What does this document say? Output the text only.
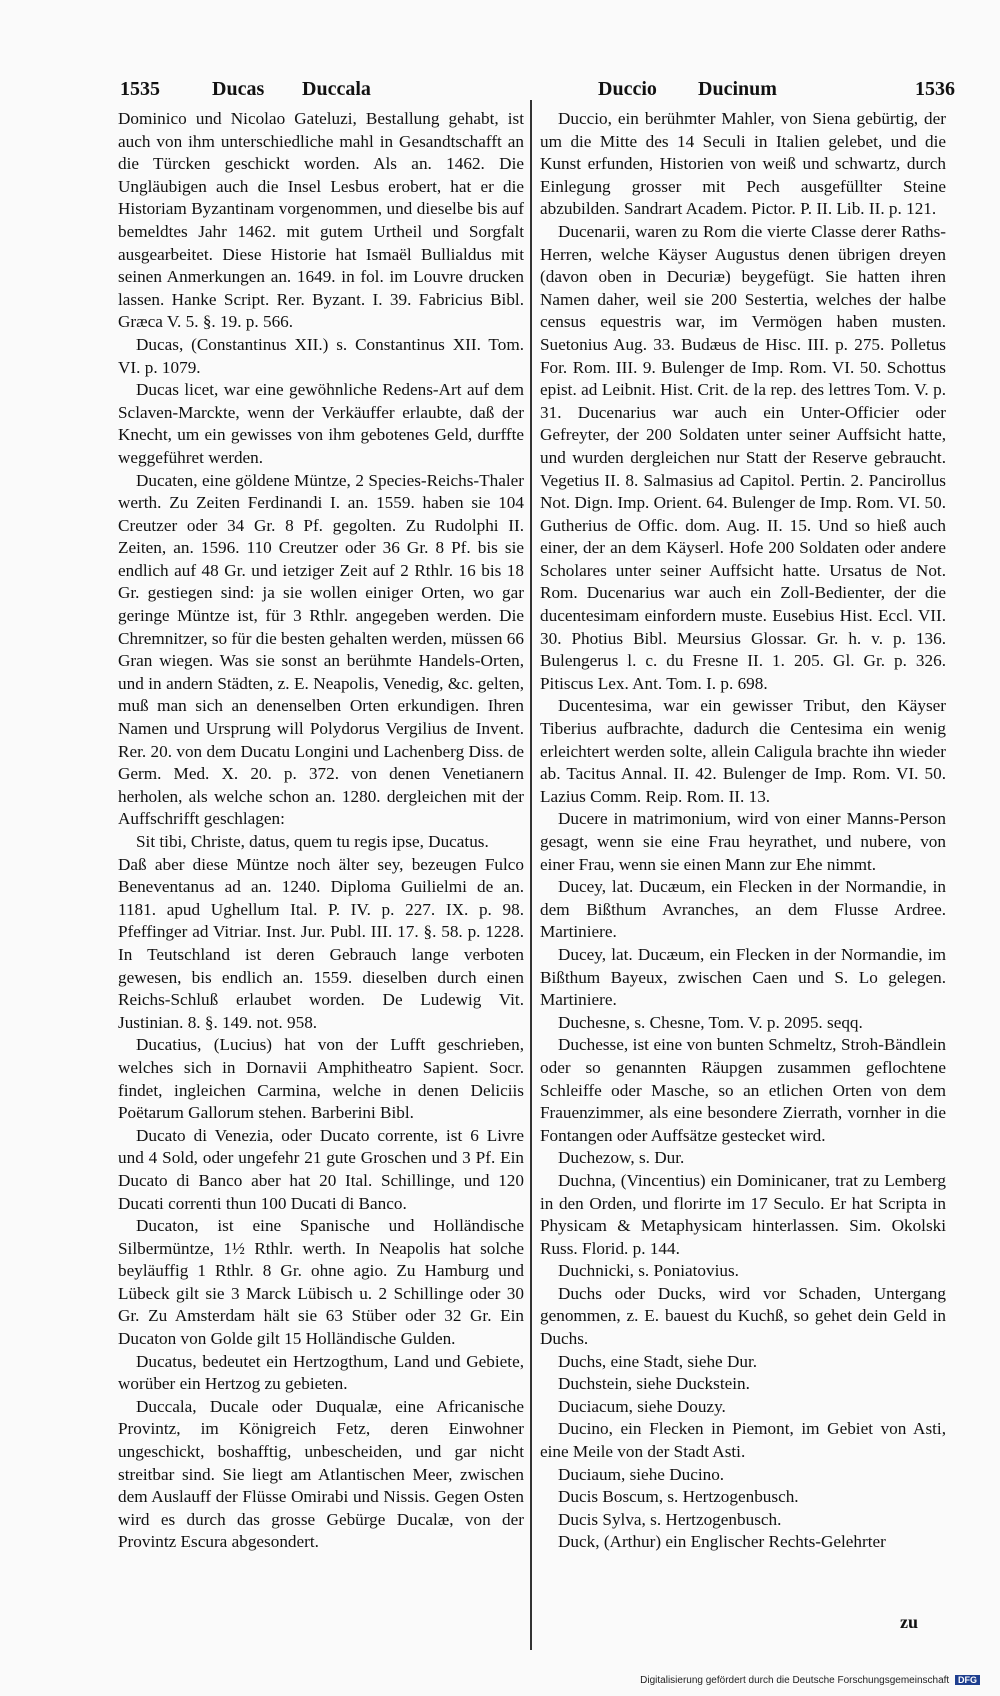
1535	Ducas Duccala	Duccio Ducinum	1536

Dominico und Nicolao Gateluzi, Bestallung gehabt, ist auch von ihm unterschiedliche mahl in Gesandtschafft an die Türcken geschickt worden. Als an. 1462. Die Ungläubigen auch die Insel Lesbus erobert, hat er die Historiam Byzantinam vorgenommen, und dieselbe bis auf bemeldtes Jahr 1462. mit gutem Urtheil und Sorgfalt ausgearbeitet. Diese Historie hat Ismaël Bullialdus mit seinen Anmerkungen an. 1649. in fol. im Louvre drucken lassen. Hanke Script. Rer. Byzant. I. 39. Fabricius Bibl. Græca V. 5. §. 19. p. 566.

Ducas, (Constantinus XII.) s. Constantinus XII. Tom. VI. p. 1079.

Ducas licet, war eine gewöhnliche Redens-Art auf dem Sclaven-Marckte, wenn der Verkäuffer erlaubte, daß der Knecht, um ein gewisses von ihm gebotenes Geld, durffte weggeführet werden.

Ducaten, eine göldene Müntze, 2 Species-Reichs-Thaler werth. Zu Zeiten Ferdinandi I. an. 1559. haben sie 104 Creutzer oder 34 Gr. 8 Pf. gegolten. Zu Rudolphi II. Zeiten, an. 1596. 110 Creutzer oder 36 Gr. 8 Pf. bis sie endlich auf 48 Gr. und ietziger Zeit auf 2 Rthlr. 16 bis 18 Gr. gestiegen sind: ja sie wollen einiger Orten, wo gar geringe Müntze ist, für 3 Rthlr. angegeben werden. Die Chremnitzer, so für die besten gehalten werden, müssen 66 Gran wiegen. Was sie sonst an berühmte Handels-Orten, und in andern Städten, z. E. Neapolis, Venedig, &c. gelten, muß man sich an denenselben Orten erkundigen. Ihren Namen und Ursprung will Polydorus Vergilius de Invent. Rer. 20. von dem Ducatu Longini und Lachenberg Diss. de Germ. Med. X. 20. p. 372. von denen Venetianern herholen, als welche schon an. 1280. dergleichen mit der Auffschrifft geschlagen:

Sit tibi, Christe, datus, quem tu regis ipse, Ducatus.

Daß aber diese Müntze noch älter sey, bezeugen Fulco Beneventanus ad an. 1240. Diploma Guilielmi de an. 1181. apud Ughellum Ital. P. IV. p. 227. IX. p. 98. Pfeffinger ad Vitriar. Inst. Jur. Publ. III. 17. §. 58. p. 1228. In Teutschland ist deren Gebrauch lange verboten gewesen, bis endlich an. 1559. dieselben durch einen Reichs-Schluß erlaubet worden. De Ludewig Vit. Justinian. 8. §. 149. not. 958.

Ducatius, (Lucius) hat von der Lufft geschrieben, welches sich in Dornavii Amphitheatro Sapient. Socr. findet, ingleichen Carmina, welche in denen Deliciis Poëtarum Gallorum stehen. Barberini Bibl.

Ducato di Venezia, oder Ducato corrente, ist 6 Livre und 4 Sold, oder ungefehr 21 gute Groschen und 3 Pf. Ein Ducato di Banco aber hat 20 Ital. Schillinge, und 120 Ducati correnti thun 100 Ducati di Banco.

Ducaton, ist eine Spanische und Holländische Silbermüntze, 1½ Rthlr. werth. In Neapolis hat solche beyläuffig 1 Rthlr. 8 Gr. ohne agio. Zu Hamburg und Lübeck gilt sie 3 Marck Lübisch u. 2 Schillinge oder 30 Gr. Zu Amsterdam hält sie 63 Stüber oder 32 Gr. Ein Ducaton von Golde gilt 15 Holländische Gulden.

Ducatus, bedeutet ein Hertzogthum, Land und Gebiete, worüber ein Hertzog zu gebieten.

Duccala, Ducale oder Duqualæ, eine Africanische Provintz, im Königreich Fetz, deren Einwohner ungeschickt, boshafftig, unbescheiden, und gar nicht streitbar sind. Sie liegt am Atlantischen Meer, zwischen dem Auslauff der Flüsse Omirabi und Nissis. Gegen Osten wird es durch das grosse Gebürge Ducalæ, von der Provintz Escura abgesondert.

Duccio, ein berühmter Mahler, von Siena gebürtig, der um die Mitte des 14 Seculi in Italien gelebet, und die Kunst erfunden, Historien von weiß und schwartz, durch Einlegung grosser mit Pech ausgefüllter Steine abzubilden. Sandrart Academ. Pictor. P. II. Lib. II. p. 121.

Ducenarii, waren zu Rom die vierte Classe derer Raths-Herren, welche Käyser Augustus denen übrigen dreyen (davon oben in Decuriæ) beygefügt. Sie hatten ihren Namen daher, weil sie 200 Sestertia, welches der halbe census equestris war, im Vermögen haben musten. Suetonius Aug. 33. Budæus de Hisc. III. p. 275. Polletus For. Rom. III. 9. Bulenger de Imp. Rom. VI. 50. Schottus epist. ad Leibnit. Hist. Crit. de la rep. des lettres Tom. V. p. 31. Ducenarius war auch ein Unter-Officier oder Gefreyter, der 200 Soldaten unter seiner Auffsicht hatte, und wurden dergleichen nur Statt der Reserve gebraucht. Vegetius II. 8. Salmasius ad Capitol. Pertin. 2. Pancirollus Not. Dign. Imp. Orient. 64. Bulenger de Imp. Rom. VI. 50. Gutherius de Offic. dom. Aug. II. 15. Und so hieß auch einer, der an dem Käyserl. Hofe 200 Soldaten oder andere Scholares unter seiner Auffsicht hatte. Ursatus de Not. Rom. Ducenarius war auch ein Zoll-Bedienter, der die ducentesimam einfordern muste. Eusebius Hist. Eccl. VII. 30. Photius Bibl. Meursius Glossar. Gr. h. v. p. 136. Bulengerus l. c. du Fresne II. 1. 205. Gl. Gr. p. 326. Pitiscus Lex. Ant. Tom. I. p. 698.

Ducentesima, war ein gewisser Tribut, den Käyser Tiberius aufbrachte, dadurch die Centesima ein wenig erleichtert werden solte, allein Caligula brachte ihn wieder ab. Tacitus Annal. II. 42. Bulenger de Imp. Rom. VI. 50. Lazius Comm. Reip. Rom. II. 13.

Ducere in matrimonium, wird von einer Manns-Person gesagt, wenn sie eine Frau heyrathet, und nubere, von einer Frau, wenn sie einen Mann zur Ehe nimmt.

Ducey, lat. Ducæum, ein Flecken in der Normandie, in dem Bißthum Avranches, an dem Flusse Ardree. Martiniere.

Ducey, lat. Ducæum, ein Flecken in der Normandie, im Bißthum Bayeux, zwischen Caen und S. Lo gelegen. Martiniere.

Duchesne, s. Chesne, Tom. V. p. 2095. seqq.

Duchesse, ist eine von bunten Schmeltz, Stroh-Bändlein oder so genannten Räupgen zusammen geflochtene Schleiffe oder Masche, so an etlichen Orten von dem Frauenzimmer, als eine besondere Zierrath, vornher in die Fontangen oder Auffsätze gestecket wird.

Duchezow, s. Dur.

Duchna, (Vincentius) ein Dominicaner, trat zu Lemberg in den Orden, und florirte im 17 Seculo. Er hat Scripta in Physicam & Metaphysicam hinterlassen. Sim. Okolski Russ. Florid. p. 144.

Duchnicki, s. Poniatovius.

Duchs oder Ducks, wird vor Schaden, Untergang genommen, z. E. bauest du Kuchß, so gehet dein Geld in Duchs.

Duchs, eine Stadt, siehe Dur.

Duchstein, siehe Duckstein.

Duciacum, siehe Douzy.

Ducino, ein Flecken in Piemont, im Gebiet von Asti, eine Meile von der Stadt Asti.

Duciaum, siehe Ducino.

Ducis Boscum, s. Hertzogenbusch.

Ducis Sylva, s. Hertzogenbusch.

Duck, (Arthur) ein Englischer Rechts-Gelehrter

zu
Digitalisierung gefördert durch die Deutsche Forschungsgemeinschaft DFG
